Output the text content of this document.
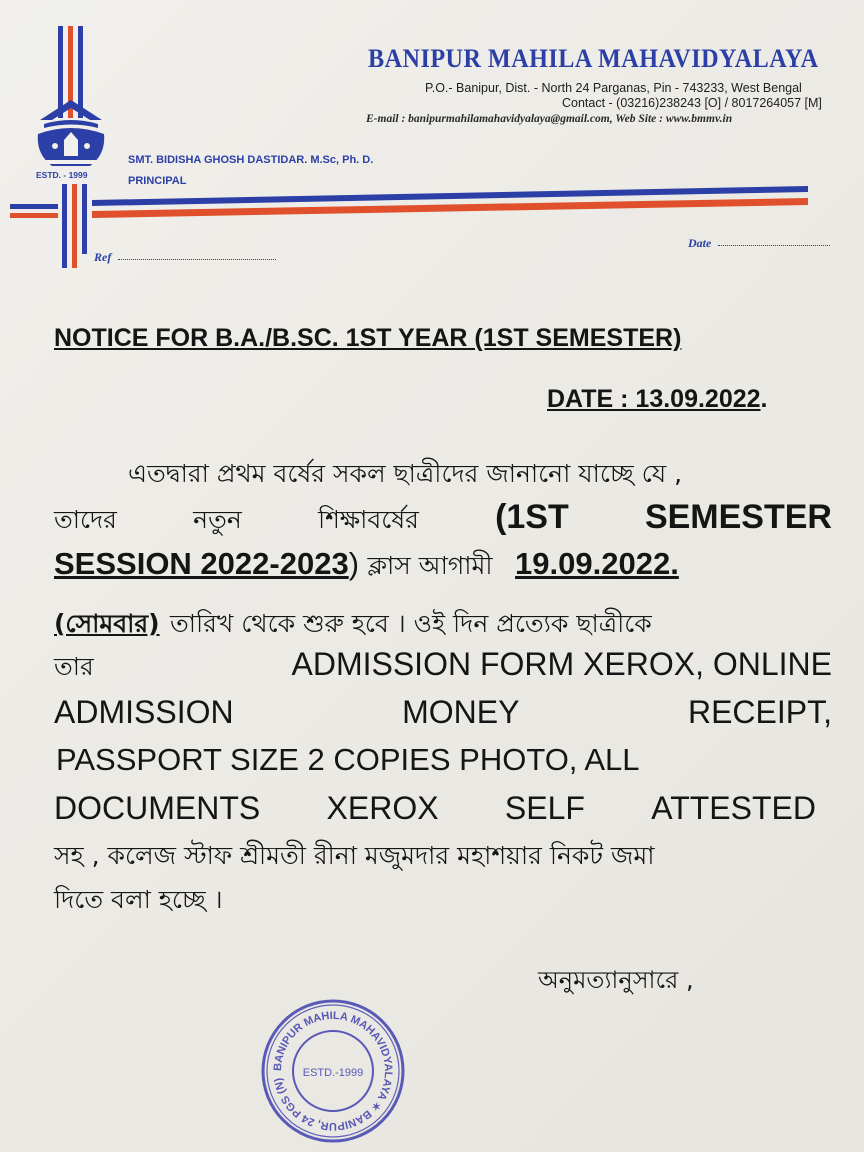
ESTD. - 1999
BANIPUR MAHILA MAHAVIDYALAYA
P.O.- Banipur, Dist. - North 24 Parganas, Pin - 743233, West Bengal
Contact - (03216)238243 [O] / 8017264057 [M]
E-mail : banipurmahilamahavidyalaya@gmail.com, Web Site : www.bmmv.in
SMT. BIDISHA GHOSH DASTIDAR. M.Sc, Ph. D.
PRINCIPAL
Ref
Date
NOTICE FOR B.A./B.SC. 1ST YEAR (1ST SEMESTER)
DATE : 13.09.2022.
এতদ্বারা প্রথম বর্ষের সকল ছাত্রীদের জানানো যাচ্ছে যে ,
তাদের	নতুন	শিক্ষাবর্ষের (1ST SEMESTER
SESSION 2022-2023) ক্লাস আগামী 19.09.2022.
(সোমবার) তারিখ থেকে শুরু হবে । ওই দিন প্রত্যেক ছাত্রীকে
তার	ADMISSION FORM XEROX, ONLINE
ADMISSION	MONEY	RECEIPT,
PASSPORT SIZE 2 COPIES PHOTO, ALL
DOCUMENTS XEROX SELF ATTESTED
সহ , কলেজ স্টাফ শ্রীমতী রীনা মজুমদার মহাশয়ার নিকট জমা
দিতে বলা হচ্ছে ।
অনুমত্যানুসারে ,
BANIPUR MAHILA MAHAVIDYALAYA ✶ BANIPUR, 24 PGS (N)
ESTD.-1999
